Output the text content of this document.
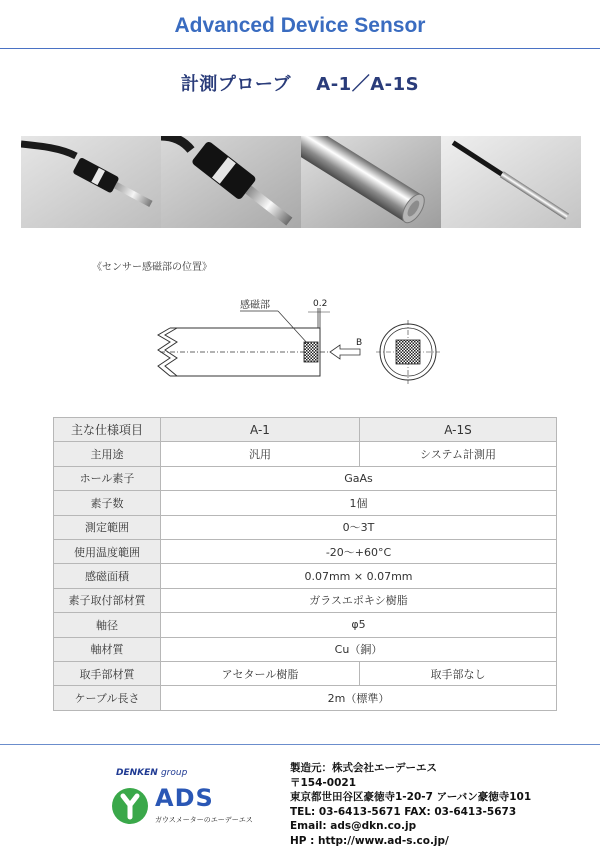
Advanced Device Sensor
計測プローブ　 A-1／A-1S
《センサー感磁部の位置》
0.2
感磁部
B
主な仕様項目	A-1	A-1S
主用途	汎用	システム計測用
ホール素子	GaAs	
素子数	1個	
測定範囲	0～3T	
使用温度範囲	-20～+60°C	
感磁面積	0.07mm × 0.07mm	
素子取付部材質	ガラスエポキシ樹脂	
軸径	φ5	
軸材質	Cu（銅）	
取手部材質	アセタール樹脂	取手部なし
ケーブル長さ	2m（標準）	
DENKEN group
ADS
ガウスメーターのエーデーエス
製造元：株式会社エーデーエス
〒154-0021
東京都世田谷区豪徳寺1-20-7 アーバン豪徳寺101
TEL: 03-6413-5671 FAX: 03-6413-5673
Email: ads@dkn.co.jp
HP : http://www.ad-s.co.jp/
